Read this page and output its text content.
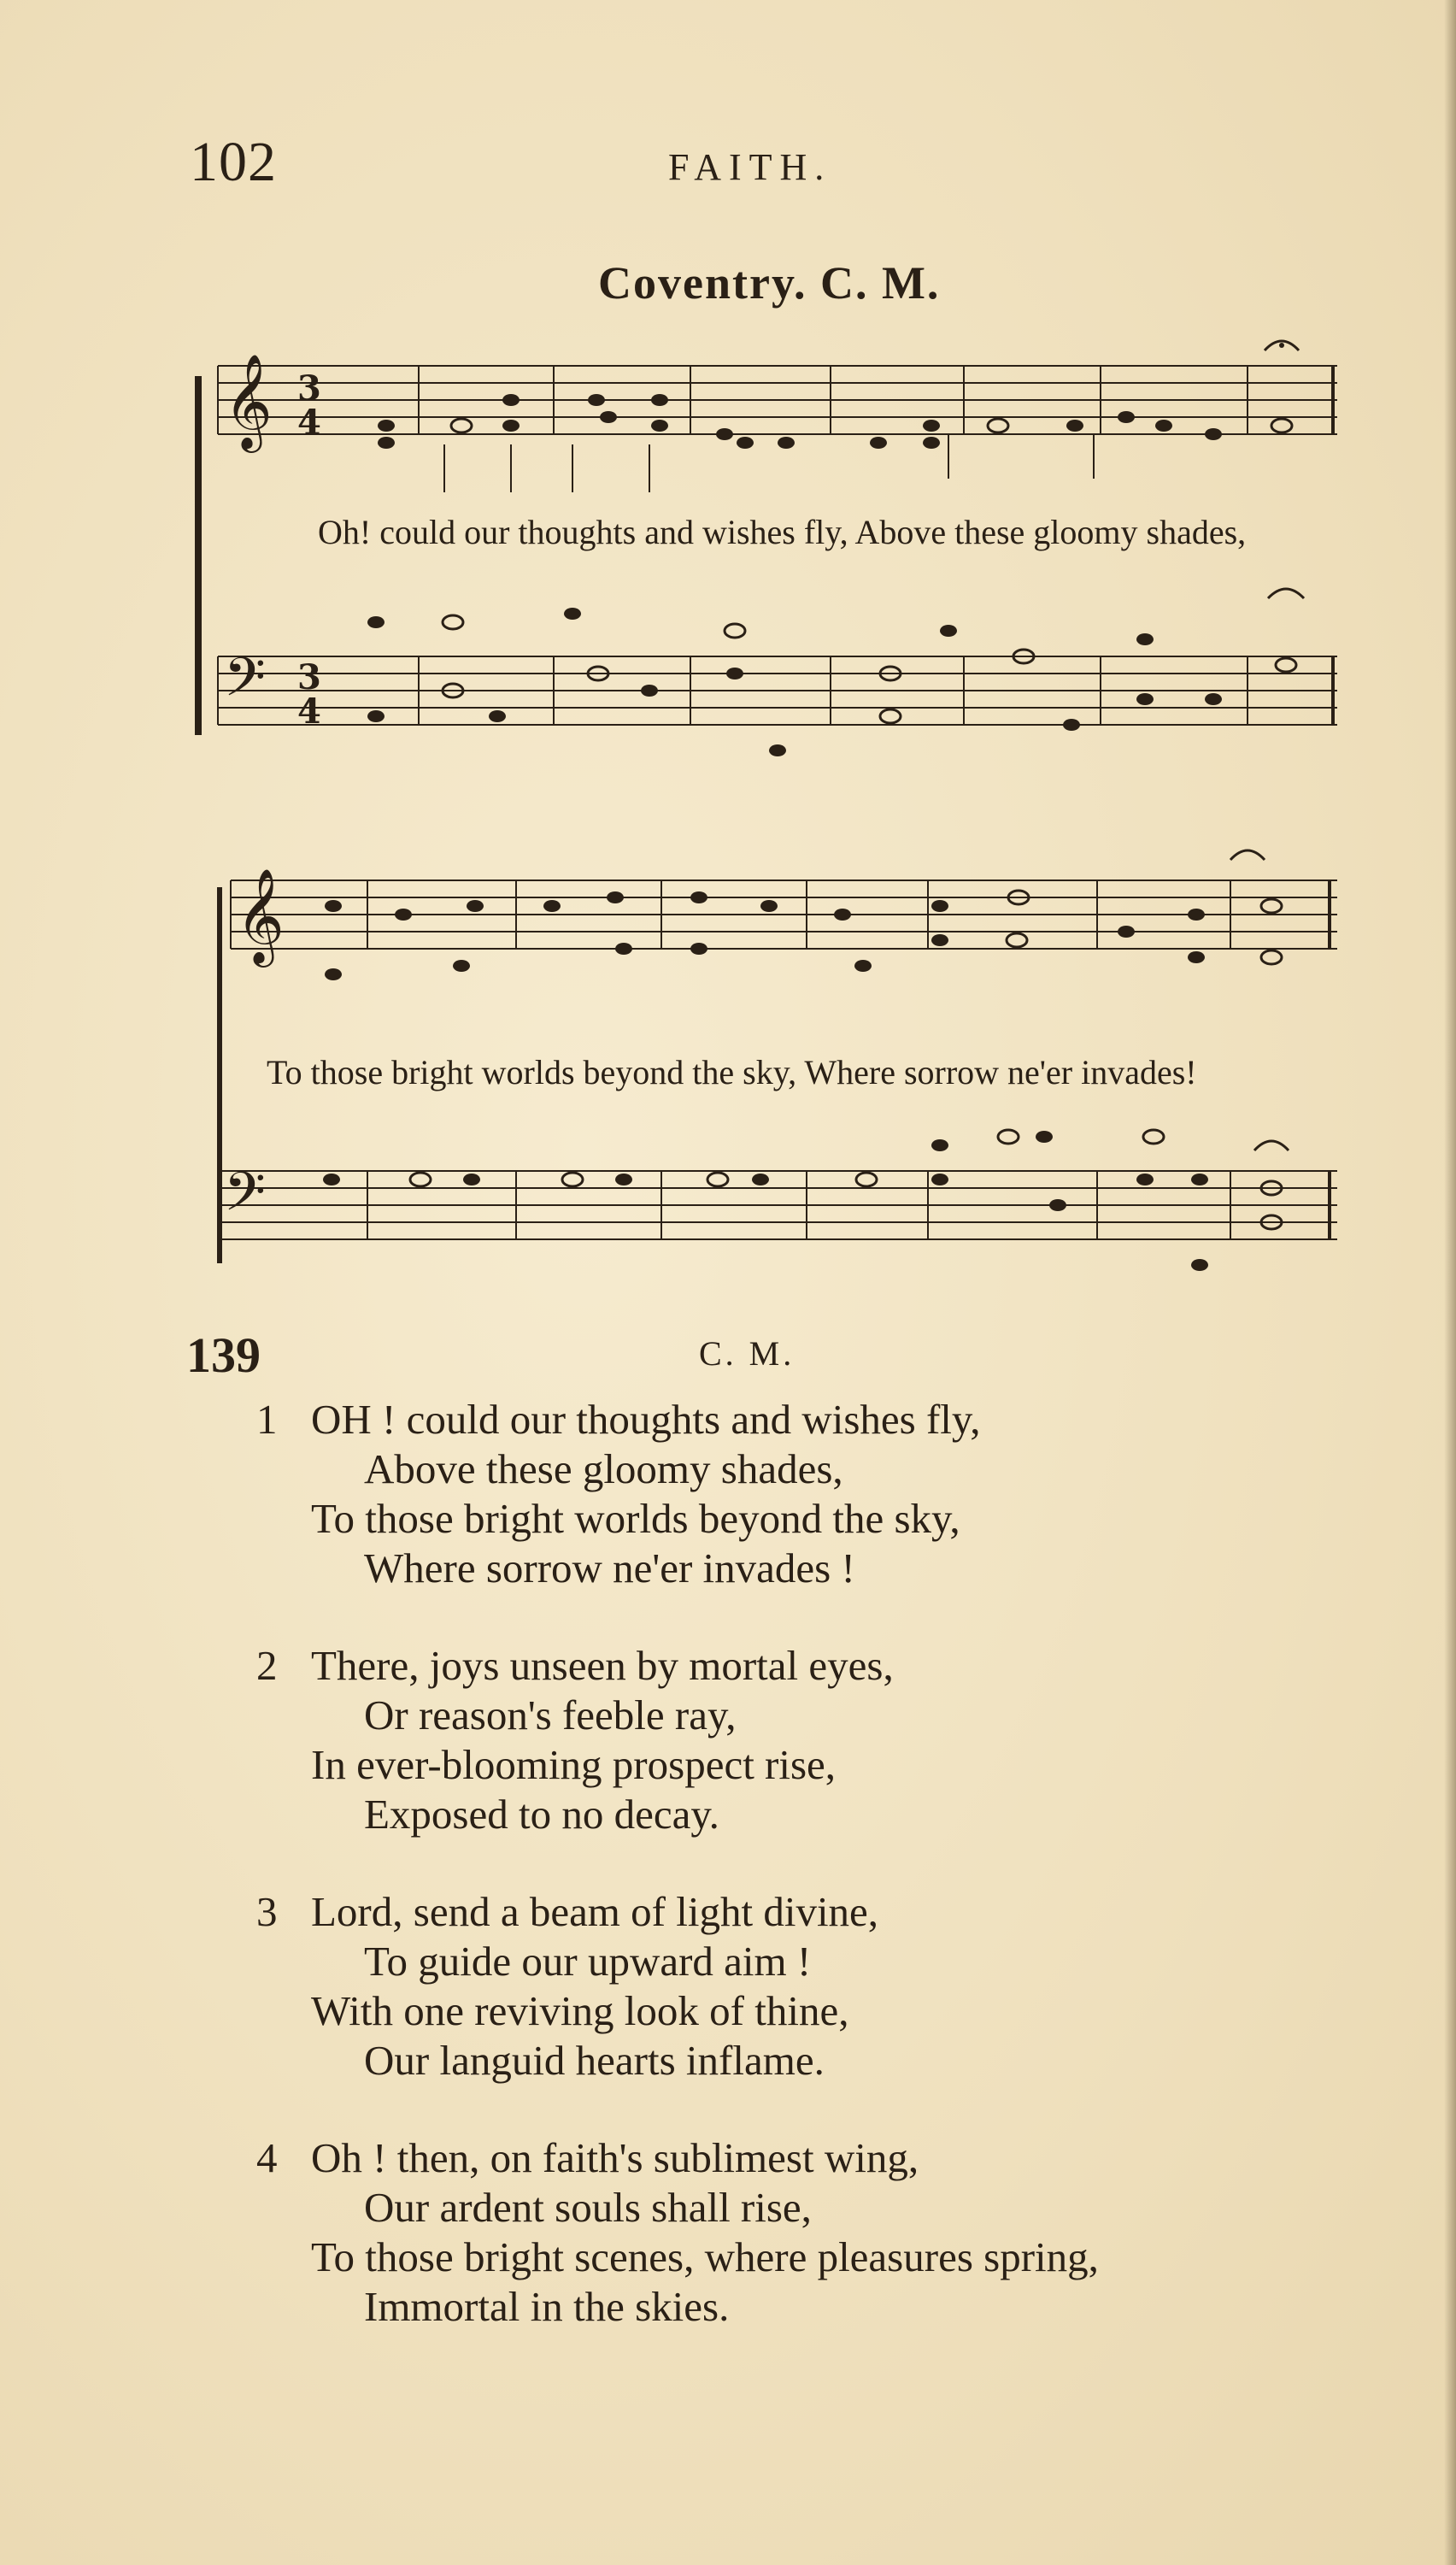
102	FAITH.
Coventry. C. M.
𝄞 3
4
Oh! could our thoughts and wishes fly, Above these gloomy shades,
𝄢 3
4
𝄞
To those bright worlds beyond the sky, Where sorrow ne'er invades!
𝄢
139	C. M.
1 OH ! could our thoughts and wishes fly,
Above these gloomy shades,
To those bright worlds beyond the sky,
Where sorrow ne'er invades !
2 There, joys unseen by mortal eyes,
Or reason's feeble ray,
In ever-blooming prospect rise,
Exposed to no decay.
3 Lord, send a beam of light divine,
To guide our upward aim !
With one reviving look of thine,
Our languid hearts inflame.
4 Oh ! then, on faith's sublimest wing,
Our ardent souls shall rise,
To those bright scenes, where pleasures spring,
Immortal in the skies.
